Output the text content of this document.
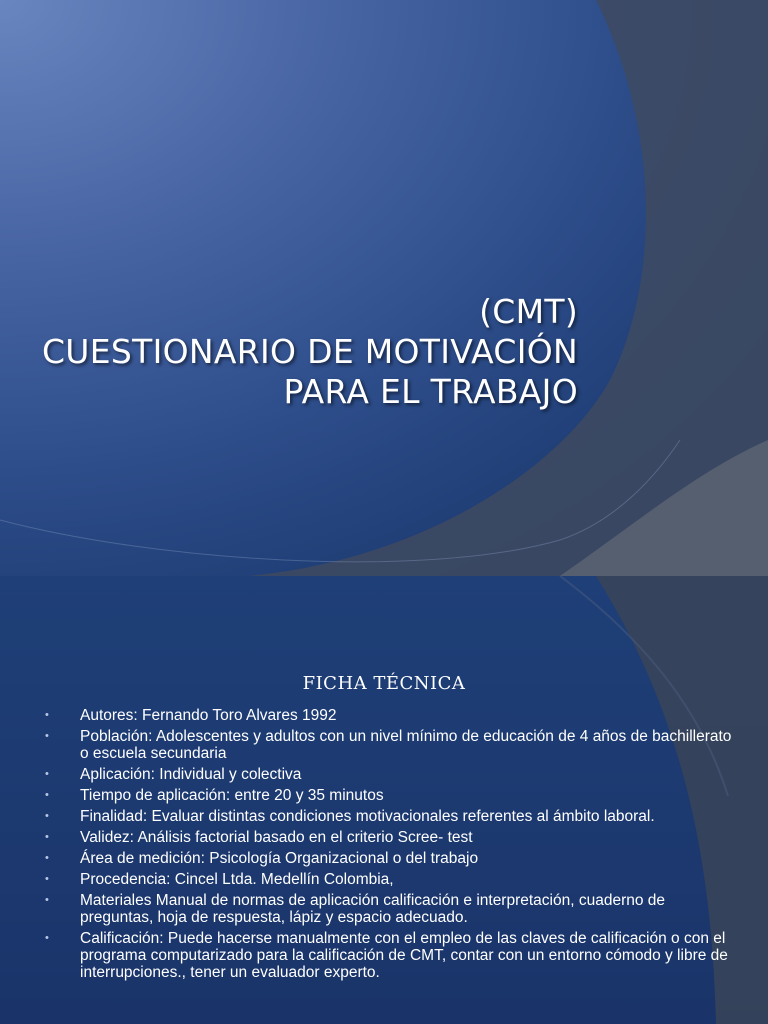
(CMT)
CUESTIONARIO DE MOTIVACIÓN
PARA EL TRABAJO
FICHA TÉCNICA
• Autores: Fernando Toro Alvares 1992
• Población: Adolescentes y adultos con un nivel mínimo de educación de 4 años de bachillerato o escuela secundaria
• Aplicación: Individual y colectiva
• Tiempo de aplicación: entre 20 y 35 minutos
• Finalidad: Evaluar distintas condiciones motivacionales referentes al ámbito laboral.
• Validez: Análisis factorial basado en el criterio Scree- test
• Área de medición: Psicología Organizacional o del trabajo
• Procedencia: Cincel Ltda. Medellín Colombia,
• Materiales Manual de normas de aplicación calificación e interpretación, cuaderno de preguntas, hoja de respuesta, lápiz y espacio adecuado.
• Calificación: Puede hacerse manualmente con el empleo de las claves de calificación o con el programa computarizado para la calificación de CMT, contar con un entorno cómodo y libre de interrupciones., tener un evaluador experto.
